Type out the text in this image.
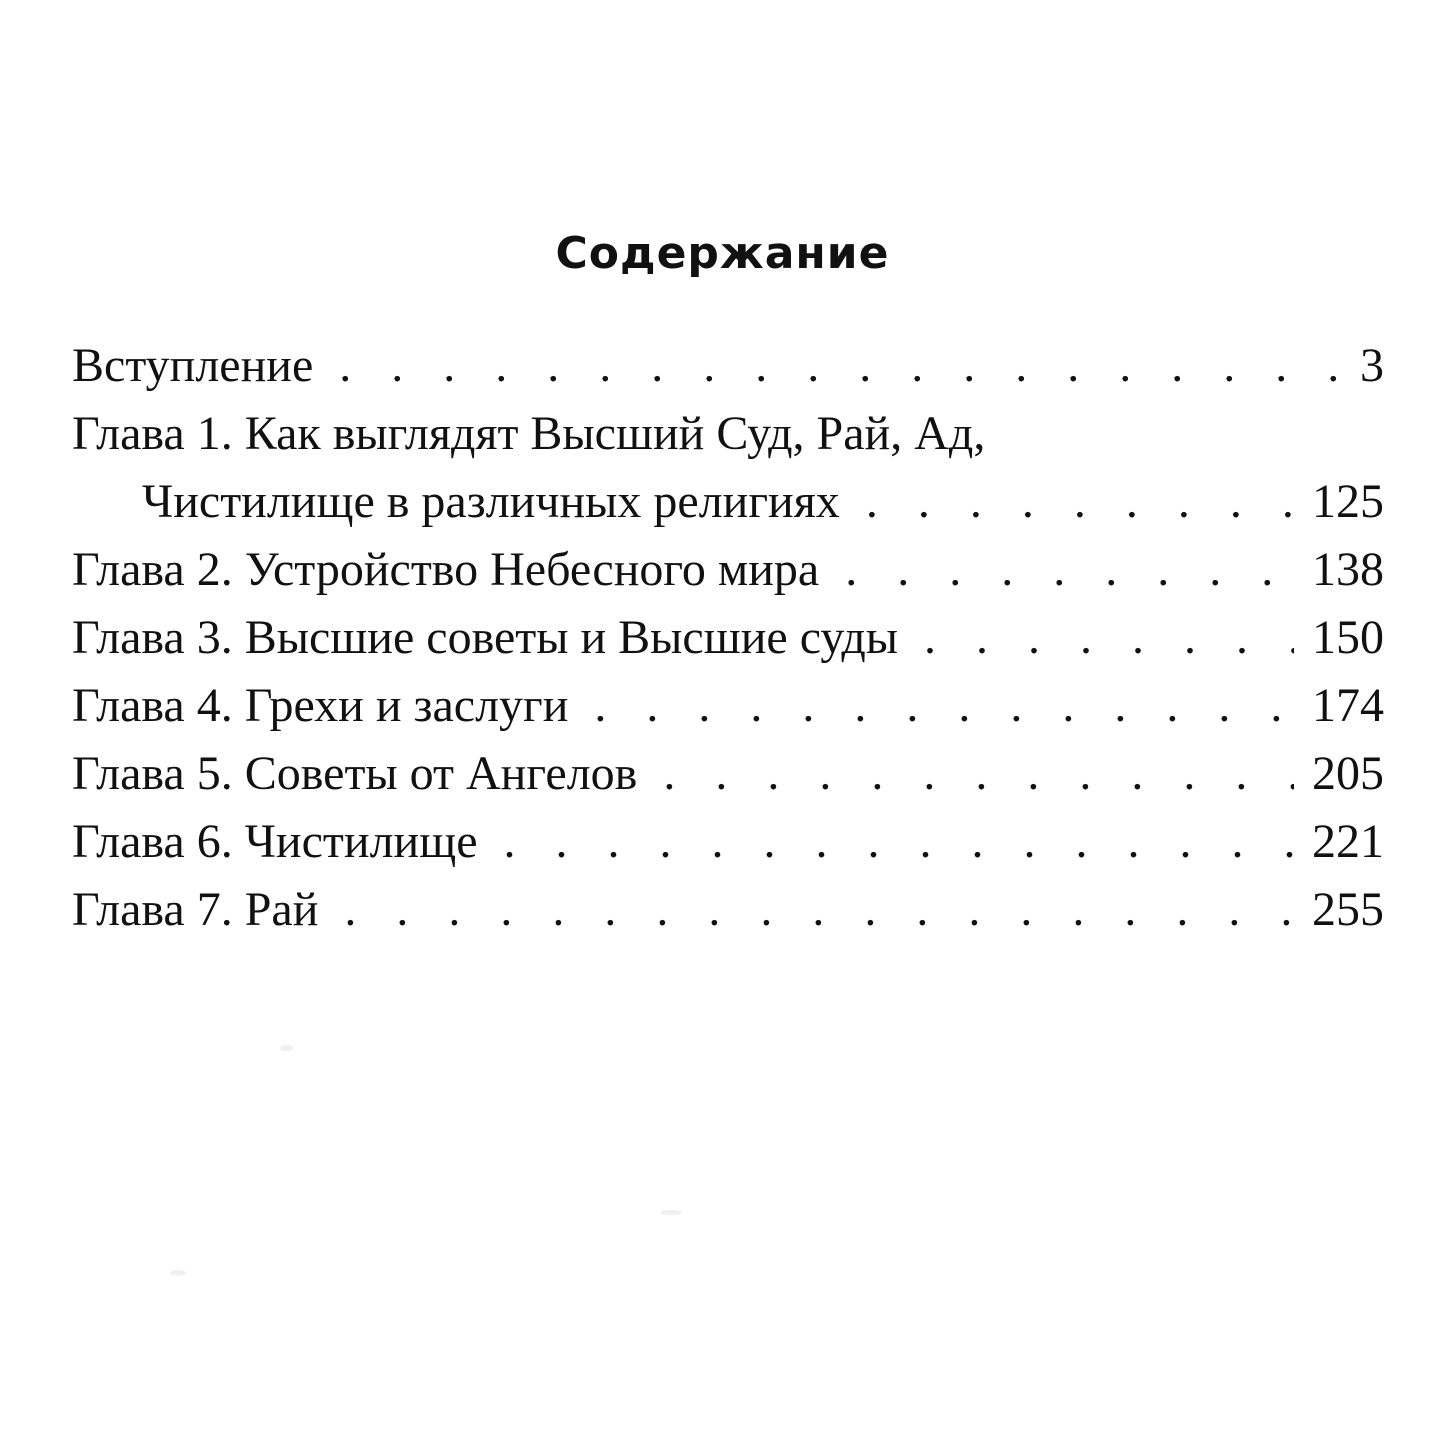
Содержание
Вступление . . .	3
Глава 1. Как выглядят Высший Суд, Рай, Ад,
Чистилище в различных религиях . . .	125
Глава 2. Устройство Небесного мира . . .	138
Глава 3. Высшие советы и Высшие суды . . .	150
Глава 4. Грехи и заслуги . . .	174
Глава 5. Советы от Ангелов . . .	205
Глава 6. Чистилище . . .	221
Глава 7. Рай . . .	255
